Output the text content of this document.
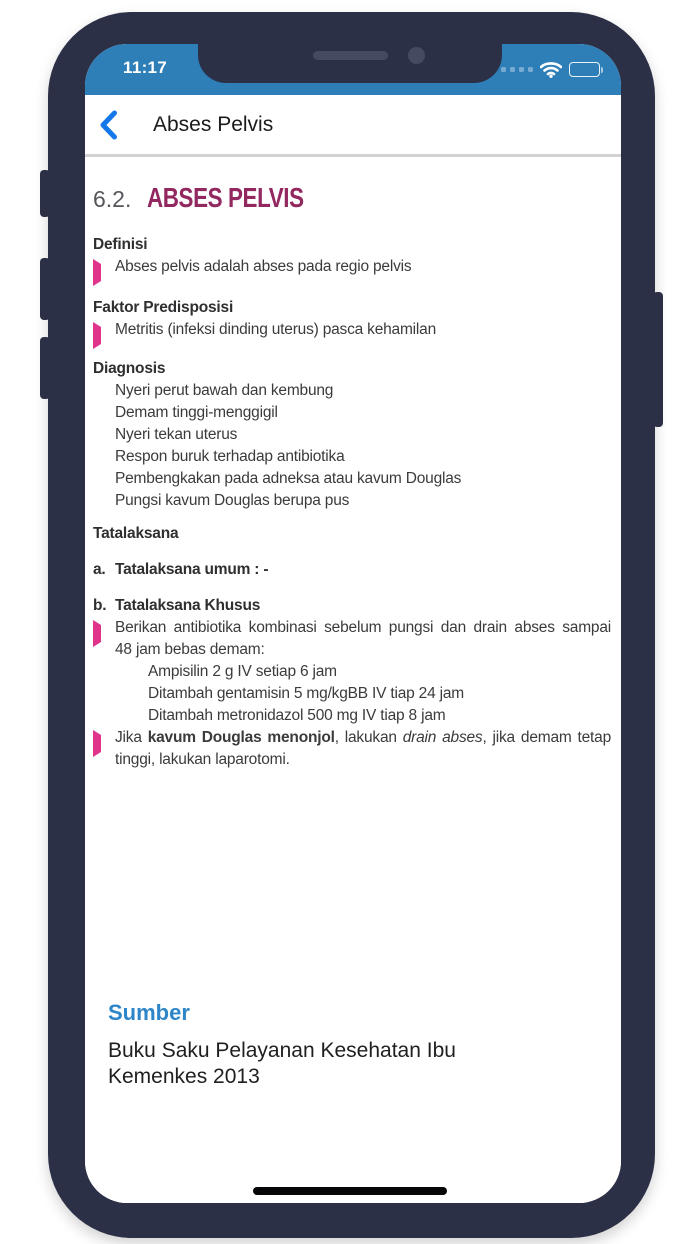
11:17
Abses Pelvis
6.2. ABSES PELVIS
Definisi
Abses pelvis adalah abses pada regio pelvis
Faktor Predisposisi
Metritis (infeksi dinding uterus) pasca kehamilan
Diagnosis
Nyeri perut bawah dan kembung
Demam tinggi-menggigil
Nyeri tekan uterus
Respon buruk terhadap antibiotika
Pembengkakan pada adneksa atau kavum Douglas
Pungsi kavum Douglas berupa pus
Tatalaksana
a. Tatalaksana umum : -
b. Tatalaksana Khusus
Berikan antibiotika kombinasi sebelum pungsi dan drain abses sampai
48 jam bebas demam:
Ampisilin 2 g IV setiap 6 jam
Ditambah gentamisin 5 mg/kgBB IV tiap 24 jam
Ditambah metronidazol 500 mg IV tiap 8 jam
Jika kavum Douglas menonjol, lakukan drain abses, jika demam tetap
tinggi, lakukan laparotomi.
Sumber
Buku Saku Pelayanan Kesehatan Ibu
Kemenkes 2013
